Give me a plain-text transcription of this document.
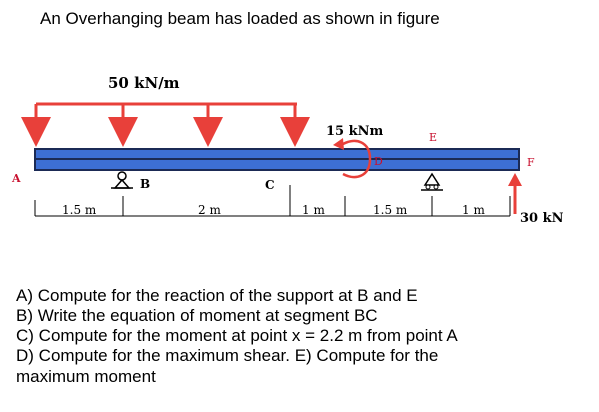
An Overhanging beam has loaded as shown in figure
50 kN/m
A	B	C
D
E
F
15 kNm
30 kN
1.5 m	2 m	1 m	1.5 m	1 m
A) Compute for the reaction of the support at B and E
B) Write the equation of moment at segment BC
C) Compute for the moment at point x = 2.2 m from point A
D) Compute for the maximum shear. E) Compute for the
maximum moment
